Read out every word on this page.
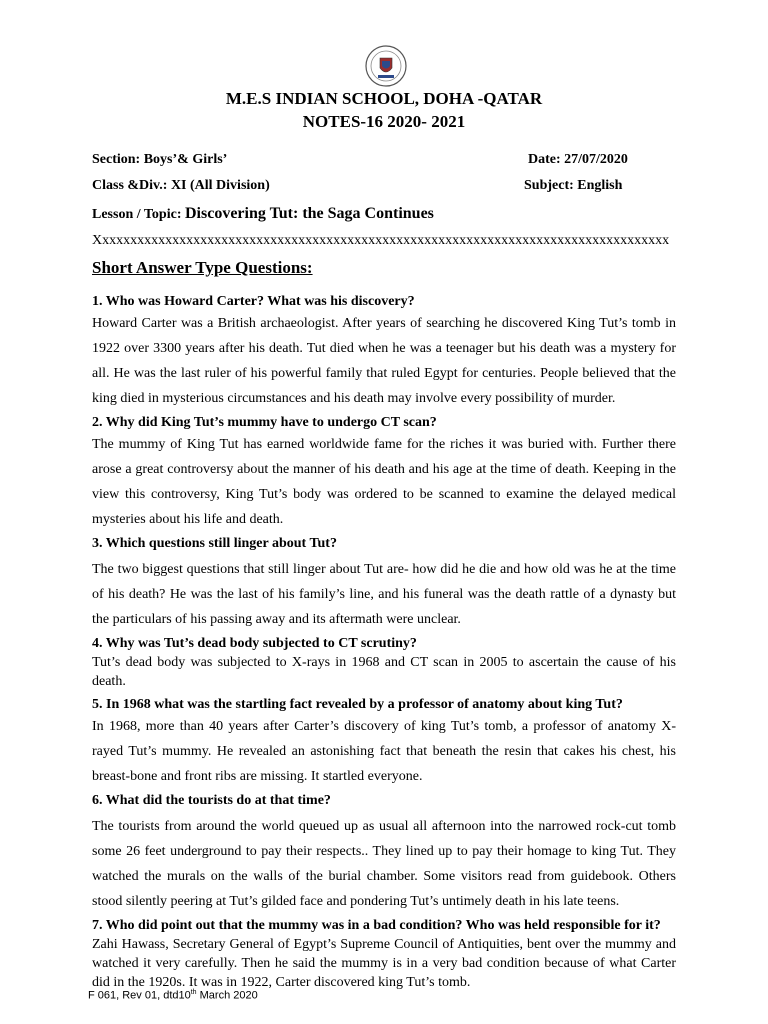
M.E.S INDIAN SCHOOL, DOHA -QATAR
NOTES-16 2020- 2021
Section: Boys’& Girls’	Date: 27/07/2020
Class &Div.: XI (All Division)	Subject: English
Lesson / Topic: Discovering Tut: the Saga Continues
Xxxxxxxxxxxxxxxxxxxxxxxxxxxxxxxxxxxxxxxxxxxxxxxxxxxxxxxxxxxxxxxxxxxxxxxxxxxxxxxxxx
Short Answer Type Questions:

1. Who was Howard Carter? What was his discovery?

Howard Carter was a British archaeologist. After years of searching he discovered King Tut’s tomb in 1922 over 3300 years after his death. Tut died when he was a teenager but his death was a mystery for all. He was the last ruler of his powerful family that ruled Egypt for centuries. People believed that the king died in mysterious circumstances and his death may involve every possibility of murder.

2. Why did King Tut’s mummy have to undergo CT scan?

The mummy of King Tut has earned worldwide fame for the riches it was buried with. Further there arose a great controversy about the manner of his death and his age at the time of death. Keeping in the view this controversy, King Tut’s body was ordered to be scanned to examine the delayed medical mysteries about his life and death.

3. Which questions still linger about Tut?

The two biggest questions that still linger about Tut are- how did he die and how old was he at the time of his death? He was the last of his family’s line, and his funeral was the death rattle of a dynasty but the particulars of his passing away and its aftermath were unclear.

4. Why was Tut’s dead body subjected to CT scrutiny?

Tut’s dead body was subjected to X-rays in 1968 and CT scan in 2005 to ascertain the cause of his death.

5. In 1968 what was the startling fact revealed by a professor of anatomy about king Tut?

In 1968, more than 40 years after Carter’s discovery of king Tut’s tomb, a professor of anatomy X-rayed Tut’s mummy. He revealed an astonishing fact that beneath the resin that cakes his chest, his breast-bone and front ribs are missing. It startled everyone.

6. What did the tourists do at that time?

The tourists from around the world queued up as usual all afternoon into the narrowed rock-cut tomb some 26 feet underground to pay their respects.. They lined up to pay their homage to king Tut. They watched the murals on the walls of the burial chamber. Some visitors read from guidebook. Others stood silently peering at Tut’s gilded face and pondering Tut’s untimely death in his late teens.

7. Who did point out that the mummy was in a bad condition? Who was held responsible for it?

Zahi Hawass, Secretary General of Egypt’s Supreme Council of Antiquities, bent over the mummy and watched it very carefully. Then he said the mummy is in a very bad condition because of what Carter did in the 1920s. It was in 1922, Carter discovered king Tut’s tomb.

F 061, Rev 01, dtd10th March 2020
